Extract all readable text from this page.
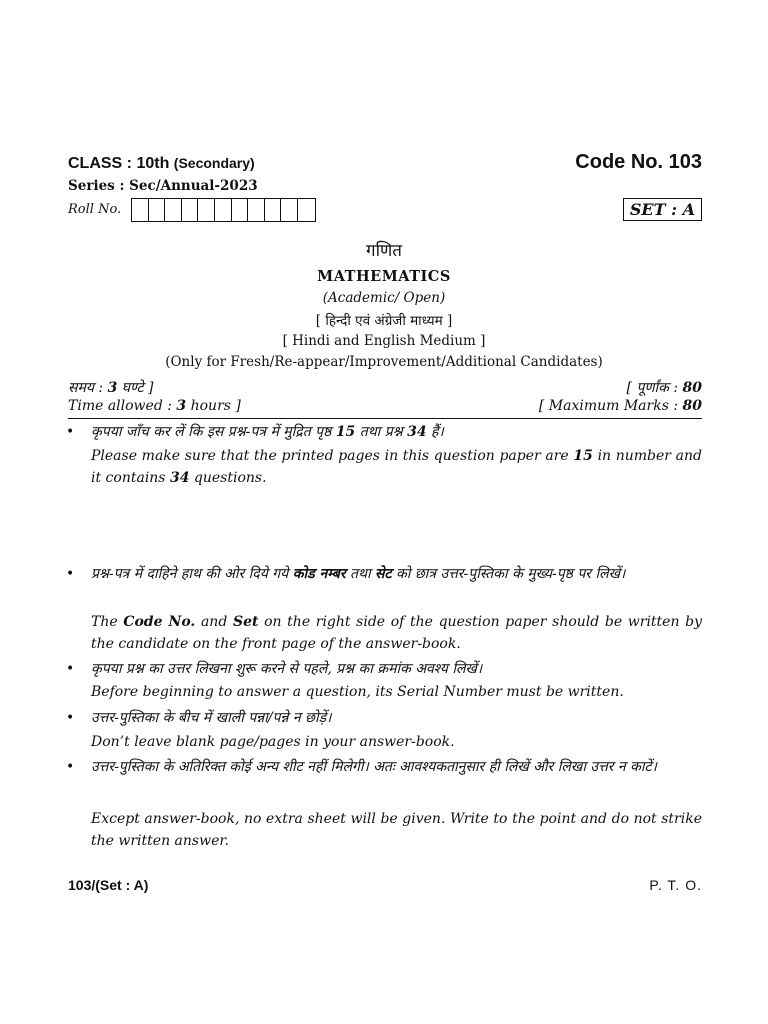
CLASS : 10th (Secondary)	Code No. 103
Series : Sec/Annual-2023
Roll No.	SET : A
गणित
MATHEMATICS
(Academic/ Open)
[ हिन्दी एवं अंग्रेजी माध्यम ]
[ Hindi and English Medium ]
(Only for Fresh/Re-appear/Improvement/Additional Candidates)
समय : 3 घण्टे ]	[ पूर्णांक : 80
Time allowed : 3 hours ]	[ Maximum Marks : 80
• कृपया जाँच कर लें कि इस प्रश्न-पत्र में मुद्रित पृष्ठ 15 तथा प्रश्न 34 हैं।
Please make sure that the printed pages in this question paper are 15 in number and it contains 34 questions.
• प्रश्न-पत्र में दाहिने हाथ की ओर दिये गये कोड नम्बर तथा सेट को छात्र उत्तर-पुस्तिका के मुख्य-पृष्ठ पर लिखें।
The Code No. and Set on the right side of the question paper should be written by the candidate on the front page of the answer-book.
• कृपया प्रश्न का उत्तर लिखना शुरू करने से पहले, प्रश्न का क्रमांक अवश्य लिखें।
Before beginning to answer a question, its Serial Number must be written.
• उत्तर-पुस्तिका के बीच में खाली पन्ना/पन्ने न छोड़ें।
Don’t leave blank page/pages in your answer-book.
• उत्तर-पुस्तिका के अतिरिक्त कोई अन्य शीट नहीं मिलेगी। अतः आवश्यकतानुसार ही लिखें और लिखा उत्तर न काटें।
Except answer-book, no extra sheet will be given. Write to the point and do not strike the written answer.
103/(Set : A)	P. T. O.
